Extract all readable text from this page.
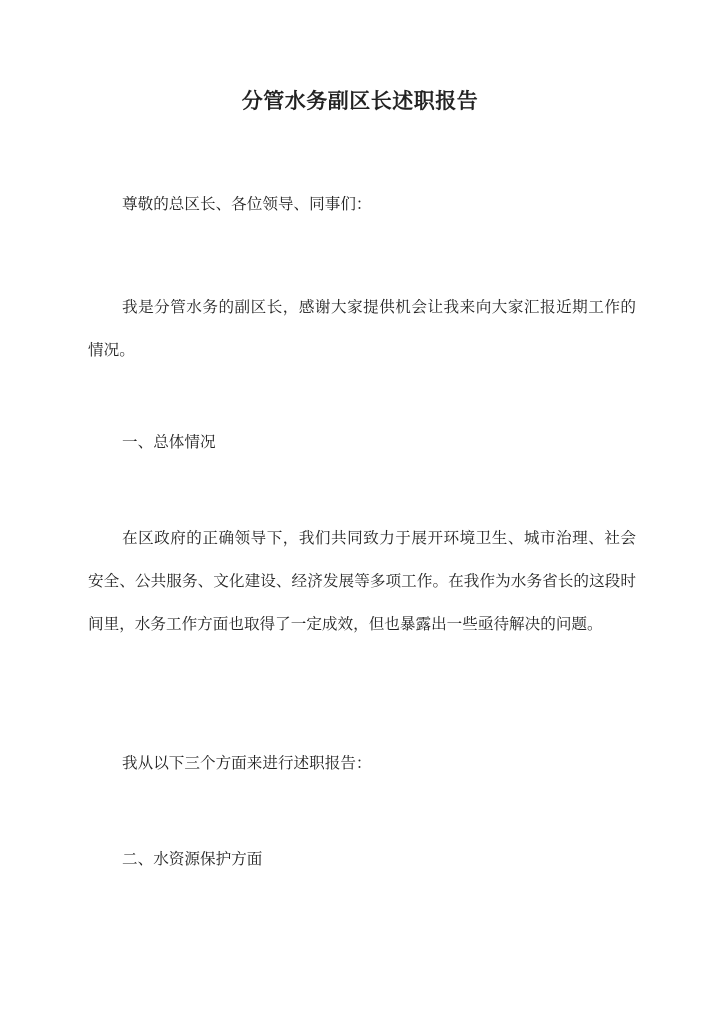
分管水务副区长述职报告
尊敬的总区长、各位领导、同事们：
我是分管水务的副区长，感谢大家提供机会让我来向大家汇报近期工作的情况。
一、总体情况
在区政府的正确领导下，我们共同致力于展开环境卫生、城市治理、社会安全、公共服务、文化建设、经济发展等多项工作。在我作为水务省长的这段时间里，水务工作方面也取得了一定成效，但也暴露出一些亟待解决的问题。
我从以下三个方面来进行述职报告：
二、水资源保护方面
